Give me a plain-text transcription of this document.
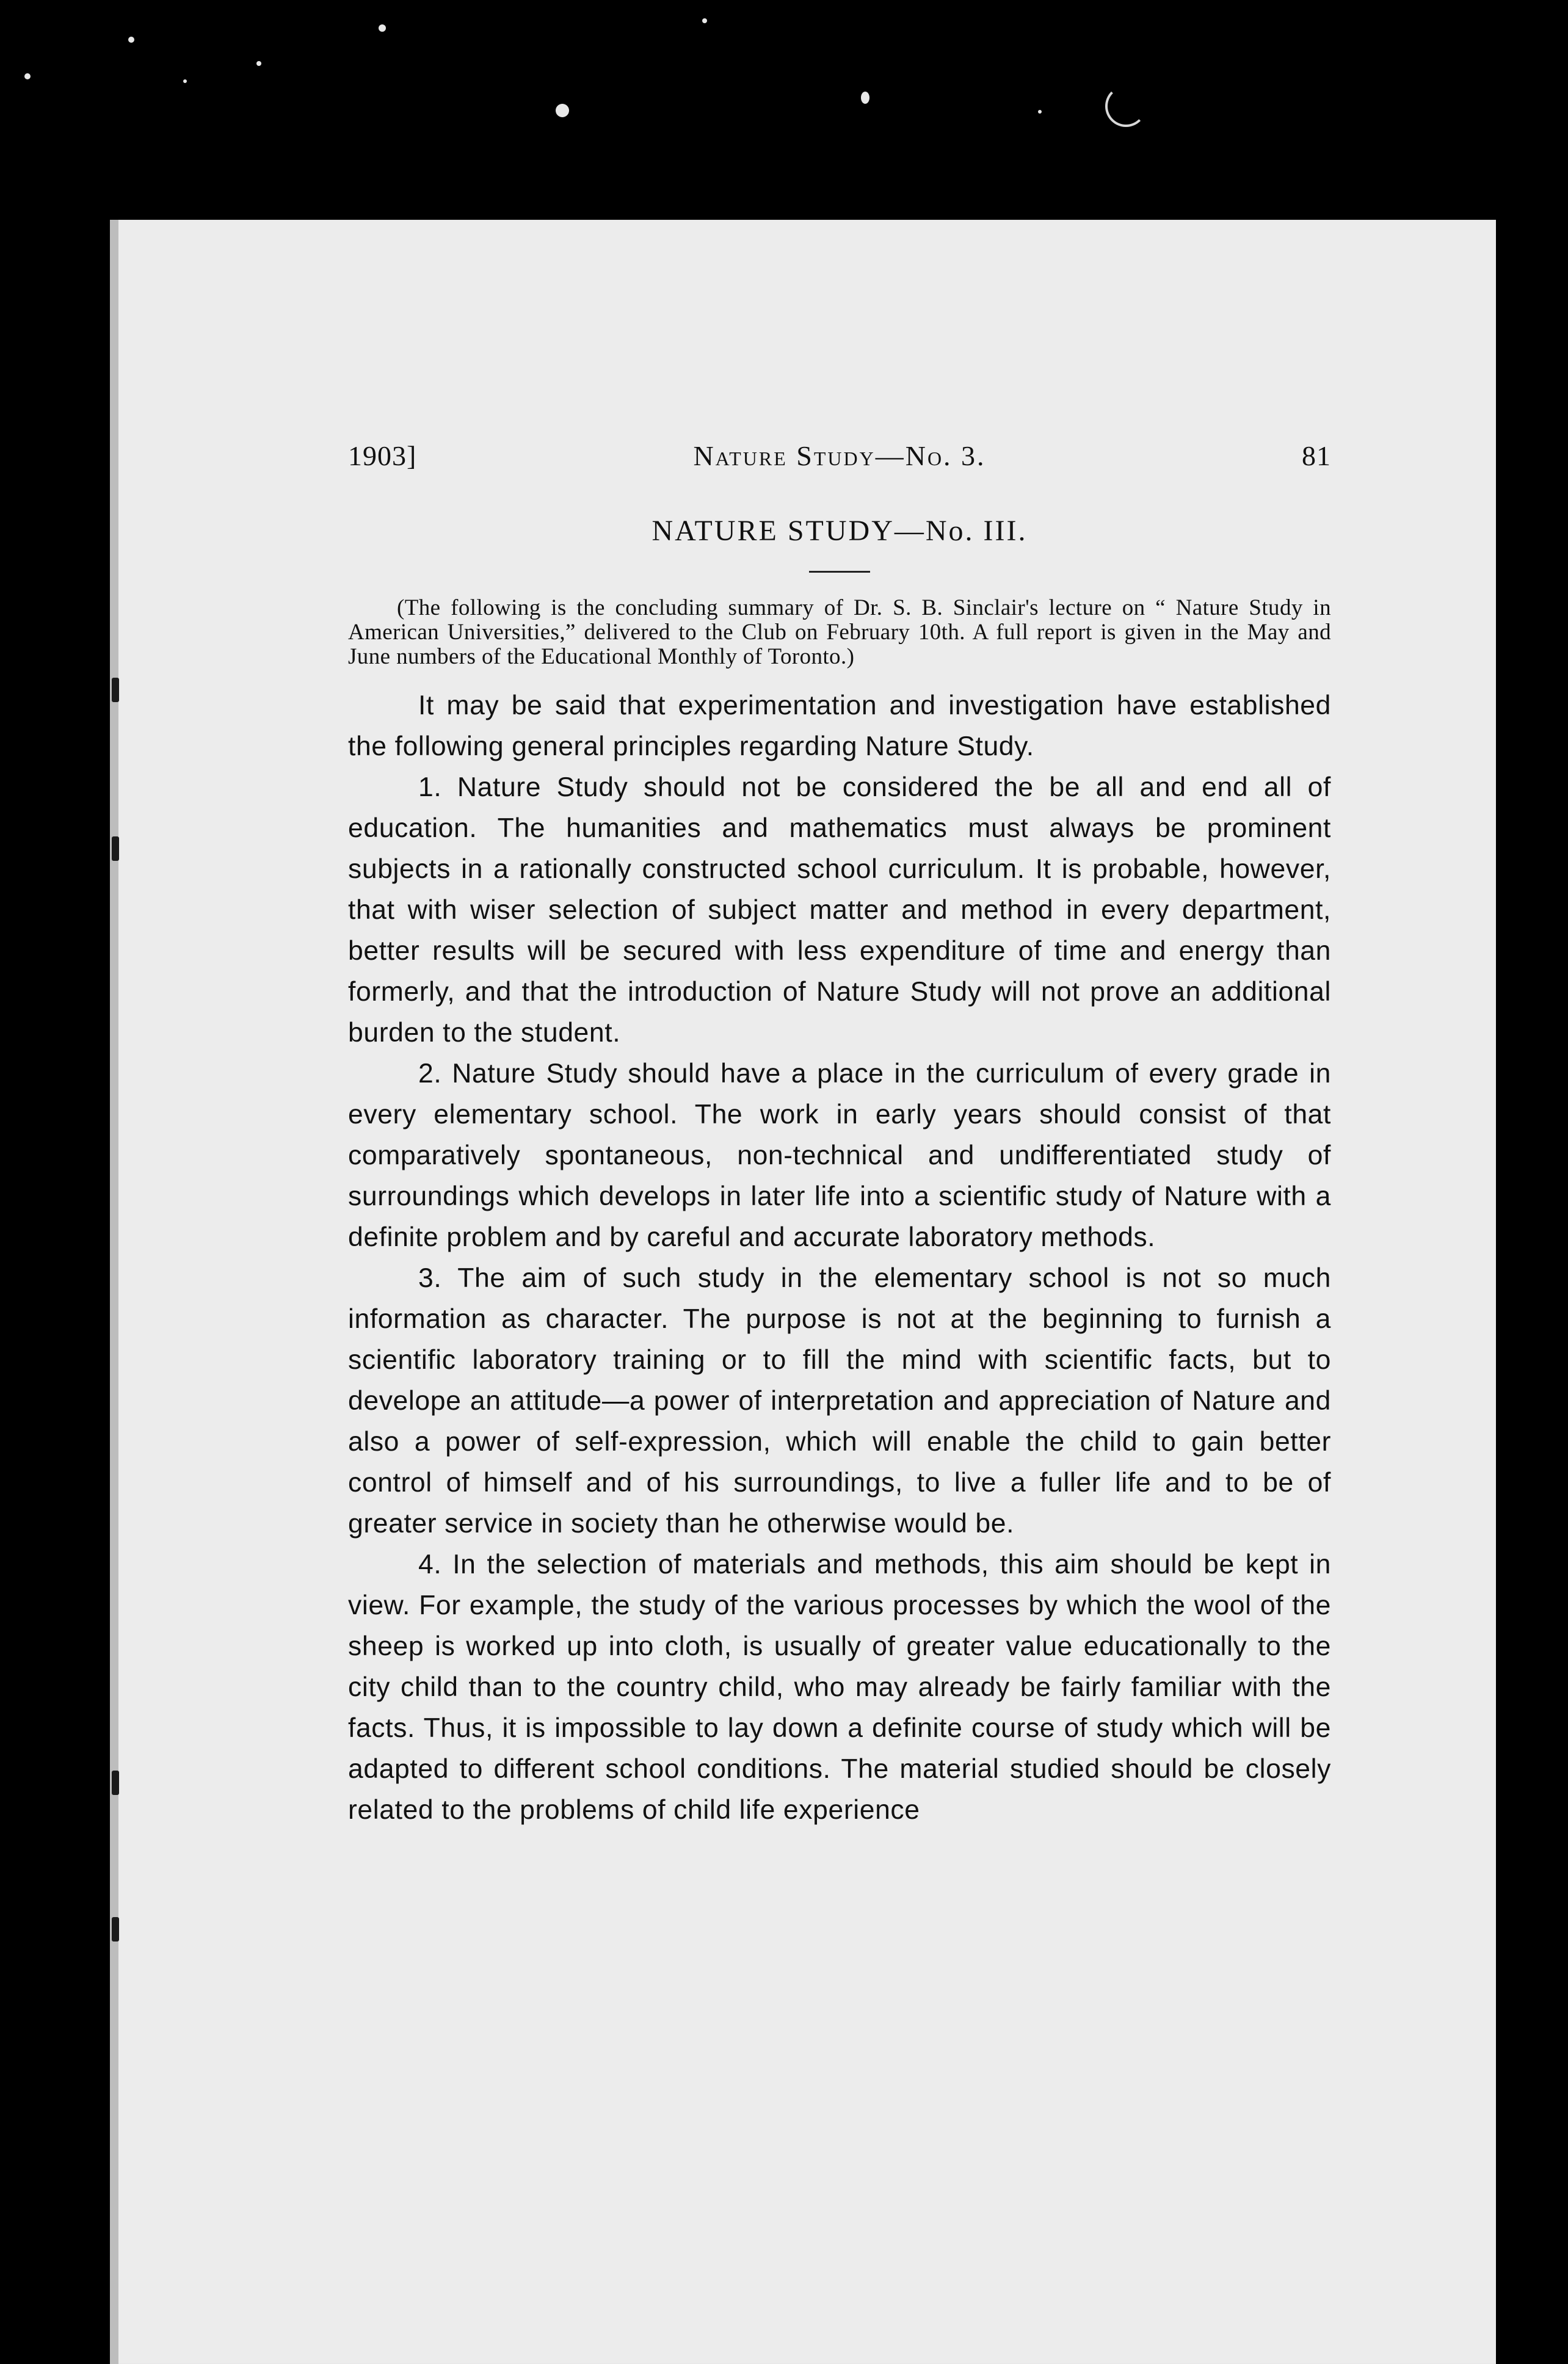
1903]	Nature Study—No. 3.	81
NATURE STUDY—No. III.
(The following is the concluding summary of Dr. S. B. Sinclair's lecture on “ Nature Study in American Universities,” delivered to the Club on February 10th. A full report is given in the May and June numbers of the Educational Monthly of Toronto.)

It may be said that experimentation and investigation have established the following general principles regarding Nature Study.

1. Nature Study should not be considered the be all and end all of education. The humanities and mathematics must always be prominent subjects in a rationally constructed school curriculum. It is probable, however, that with wiser selection of subject matter and method in every department, better results will be secured with less expenditure of time and energy than formerly, and that the introduction of Nature Study will not prove an additional burden to the student.

2. Nature Study should have a place in the curriculum of every grade in every elementary school. The work in early years should consist of that comparatively spontaneous, non-technical and undifferentiated study of surroundings which develops in later life into a scientific study of Nature with a definite problem and by careful and accurate laboratory methods.

3. The aim of such study in the elementary school is not so much information as character. The purpose is not at the beginning to furnish a scientific laboratory training or to fill the mind with scientific facts, but to develope an attitude—a power of interpretation and appreciation of Nature and also a power of self-expression, which will enable the child to gain better control of himself and of his surroundings, to live a fuller life and to be of greater service in society than he otherwise would be.

4. In the selection of materials and methods, this aim should be kept in view. For example, the study of the various processes by which the wool of the sheep is worked up into cloth, is usually of greater value educationally to the city child than to the country child, who may already be fairly familiar with the facts. Thus, it is impossible to lay down a definite course of study which will be adapted to different school conditions. The material studied should be closely related to the problems of child life experience
